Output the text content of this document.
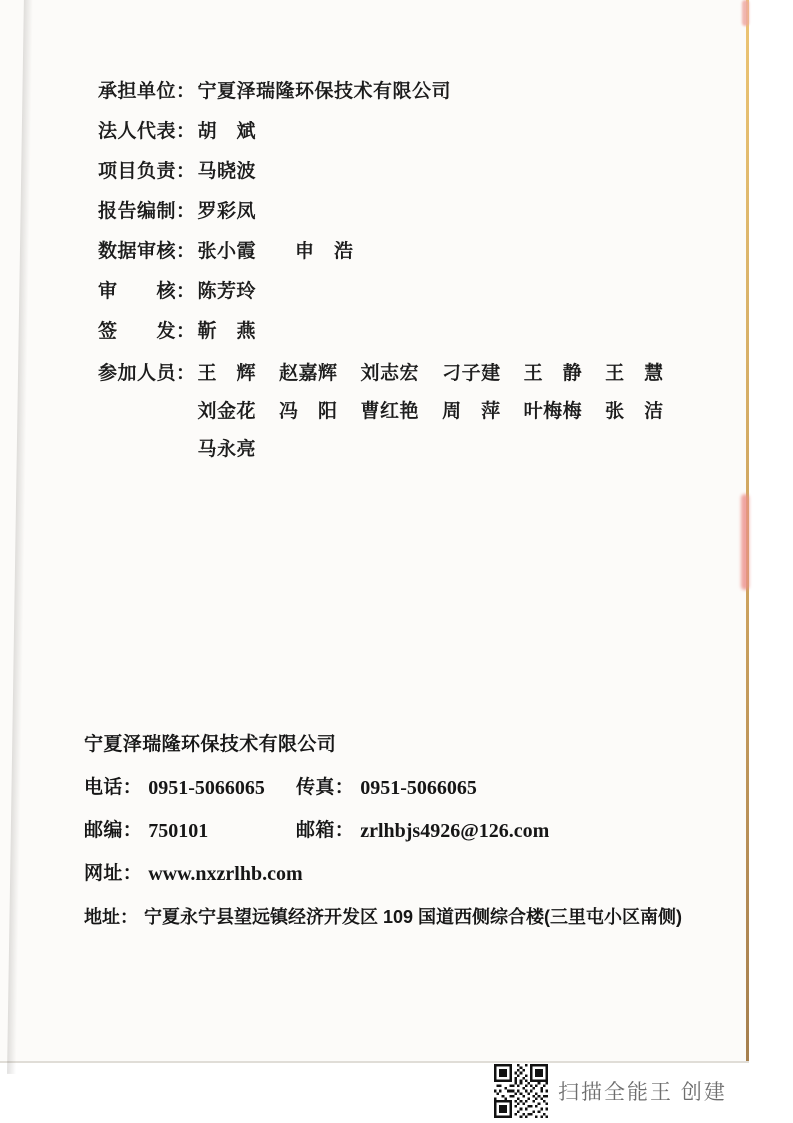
承担单位： 宁夏泽瑞隆环保技术有限公司
法人代表： 胡　斌
项目负责： 马晓波
报告编制： 罗彩凤
数据审核： 张小霞　　申　浩
审　　核： 陈芳玲
签　　发： 靳　燕
参加人员： 王　辉 赵嘉辉 刘志宏 刁子建 王　静 王　慧
刘金花 冯　阳 曹红艳 周　萍 叶梅梅 张　洁
马永亮
宁夏泽瑞隆环保技术有限公司
电话： 0951-5066065 传真： 0951-5066065
邮编： 750101	邮箱： zrlhbjs4926@126.com
网址： www.nxzrlhb.com
地址： 宁夏永宁县望远镇经济开发区 109 国道西侧综合楼(三里屯小区南侧)
扫描全能王 创建
